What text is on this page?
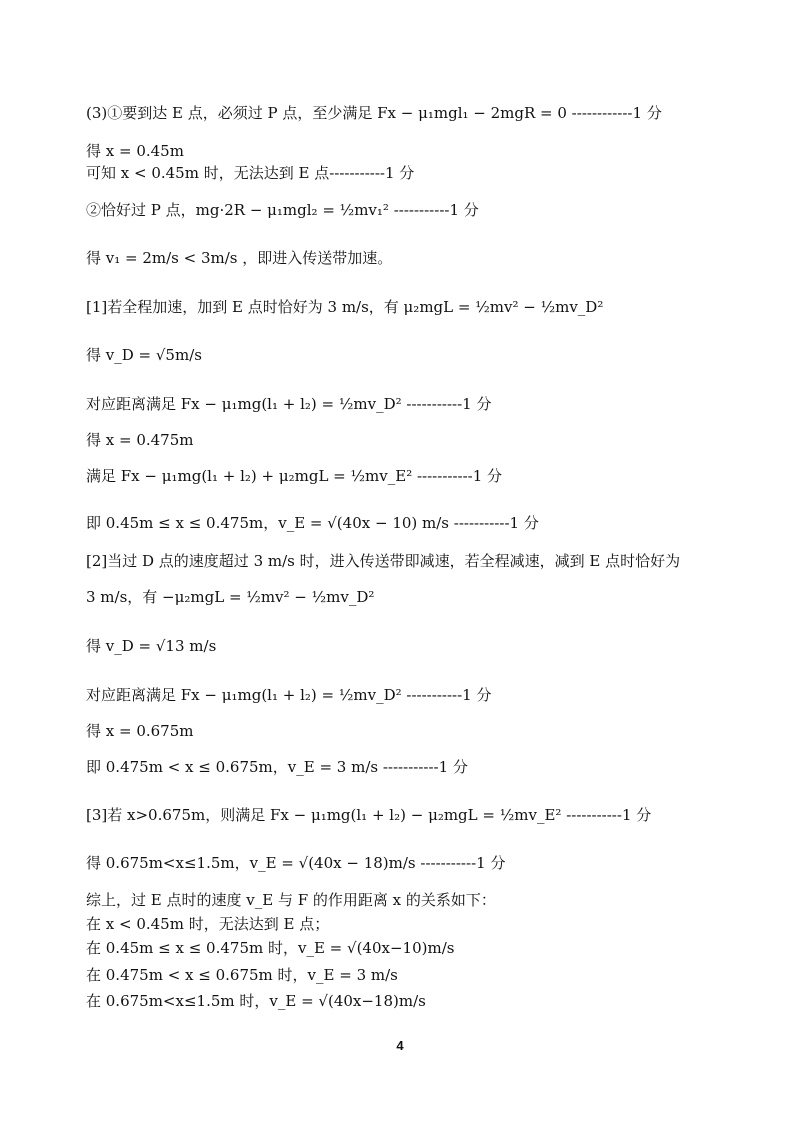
(3)①要到达 E 点，必须过 P 点，至少满足 Fx − μ₁mgl₁ − 2mgR = 0 ------------1 分
得 x = 0.45m
可知 x < 0.45m 时，无法达到 E 点-----------1 分
②恰好过 P 点，mg·2R − μ₁mgl₂ = ½mv₁² -----------1 分
得 v₁ = 2m/s < 3m/s ，即进入传送带加速。
[1]若全程加速，加到 E 点时恰好为 3 m/s，有 μ₂mgL = ½mv² − ½mv_D²
得 v_D = √5m/s
对应距离满足 Fx − μ₁mg(l₁ + l₂) = ½mv_D² -----------1 分
得 x = 0.475m
满足 Fx − μ₁mg(l₁ + l₂) + μ₂mgL = ½mv_E² -----------1 分
即 0.45m ≤ x ≤ 0.475m，v_E = √(40x − 10) m/s -----------1 分
[2]当过 D 点的速度超过 3 m/s 时，进入传送带即减速，若全程减速，减到 E 点时恰好为
3 m/s，有 −μ₂mgL = ½mv² − ½mv_D²
得 v_D = √13 m/s
对应距离满足 Fx − μ₁mg(l₁ + l₂) = ½mv_D² -----------1 分
得 x = 0.675m
即 0.475m < x ≤ 0.675m，v_E = 3 m/s -----------1 分
[3]若 x>0.675m，则满足 Fx − μ₁mg(l₁ + l₂) − μ₂mgL = ½mv_E² -----------1 分
得 0.675m<x≤1.5m，v_E = √(40x − 18)m/s -----------1 分
综上，过 E 点时的速度 v_E 与 F 的作用距离 x 的关系如下：
在 x < 0.45m 时，无法达到 E 点；
在 0.45m ≤ x ≤ 0.475m 时，v_E = √(40x−10)m/s
在 0.475m < x ≤ 0.675m 时，v_E = 3 m/s
在 0.675m<x≤1.5m 时，v_E = √(40x−18)m/s
4
